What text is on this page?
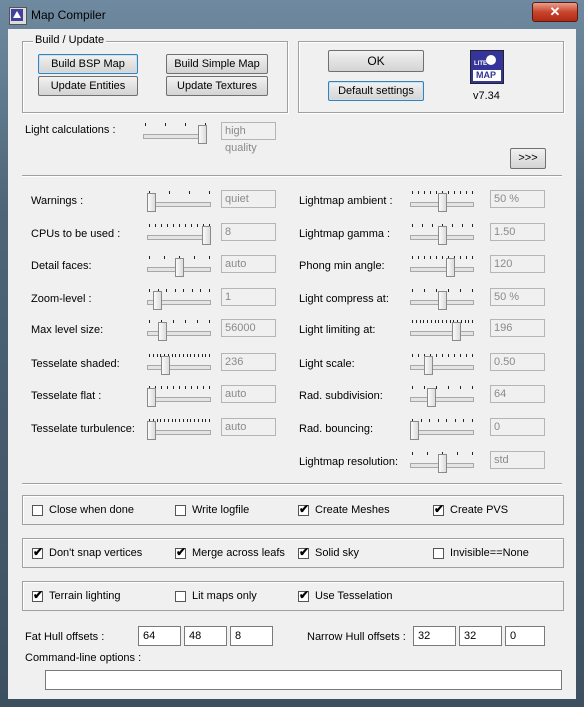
Map Compiler	✕
Build / Update
Build BSP Map	Build Simple Map
Update Entities	Update Textures
OK
Default settings
LITE
MAP
v7.34
Light calculations :	high quality
>>>
Fat Hull offsets :	64	48	8	Narrow Hull offsets :	32	32	0
Command-line options :
Warnings :	quiet
CPUs to be used :	8
Detail faces:	auto
Zoom-level :	1
Max level size:	56000
Tesselate shaded:	236
Tesselate flat :	auto
Tesselate turbulence:	auto
Lightmap ambient :	50 %
Lightmap gamma :	1.50
Phong min angle:	120
Light compress at:	50 %
Light limiting at:	196
Light scale:	0.50
Rad. subdivision:	64
Rad. bouncing:	0
Lightmap resolution:	std
Close when done	Write logfile	✔ Create Meshes	✔ Create PVS
✔ Don't snap vertices	✔ Merge across leafs ✔ Solid sky	Invisible==None
✔ Terrain lighting	Lit maps only	✔ Use Tesselation
